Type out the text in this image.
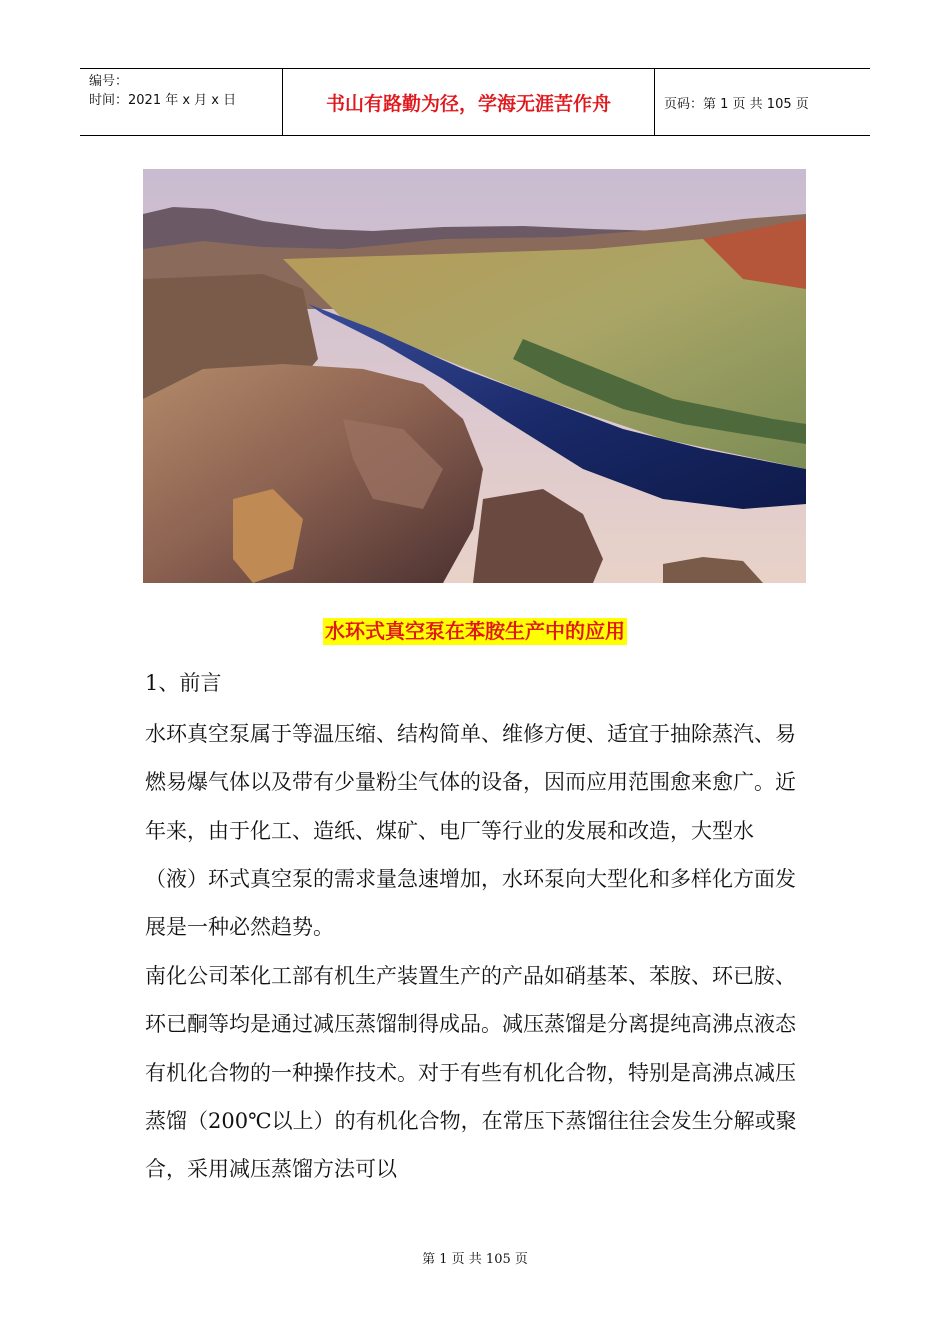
编号：
时间：2021 年 x 月 x 日	书山有路勤为径，学海无涯苦作舟	页码：第 1 页 共 105 页
水环式真空泵在苯胺生产中的应用
1、前言

水环真空泵属于等温压缩、结构简单、维修方便、适宜于抽除蒸汽、易燃易爆气体以及带有少量粉尘气体的设备，因而应用范围愈来愈广。近年来，由于化工、造纸、煤矿、电厂等行业的发展和改造，大型水（液）环式真空泵的需求量急速增加，水环泵向大型化和多样化方面发展是一种必然趋势。

南化公司苯化工部有机生产装置生产的产品如硝基苯、苯胺、环已胺、环已酮等均是通过减压蒸馏制得成品。减压蒸馏是分离提纯高沸点液态有机化合物的一种操作技术。对于有些有机化合物，特别是高沸点减压蒸馏（200℃以上）的有机化合物，在常压下蒸馏往往会发生分解或聚合，采用减压蒸馏方法可以

第 1 页 共 105 页
